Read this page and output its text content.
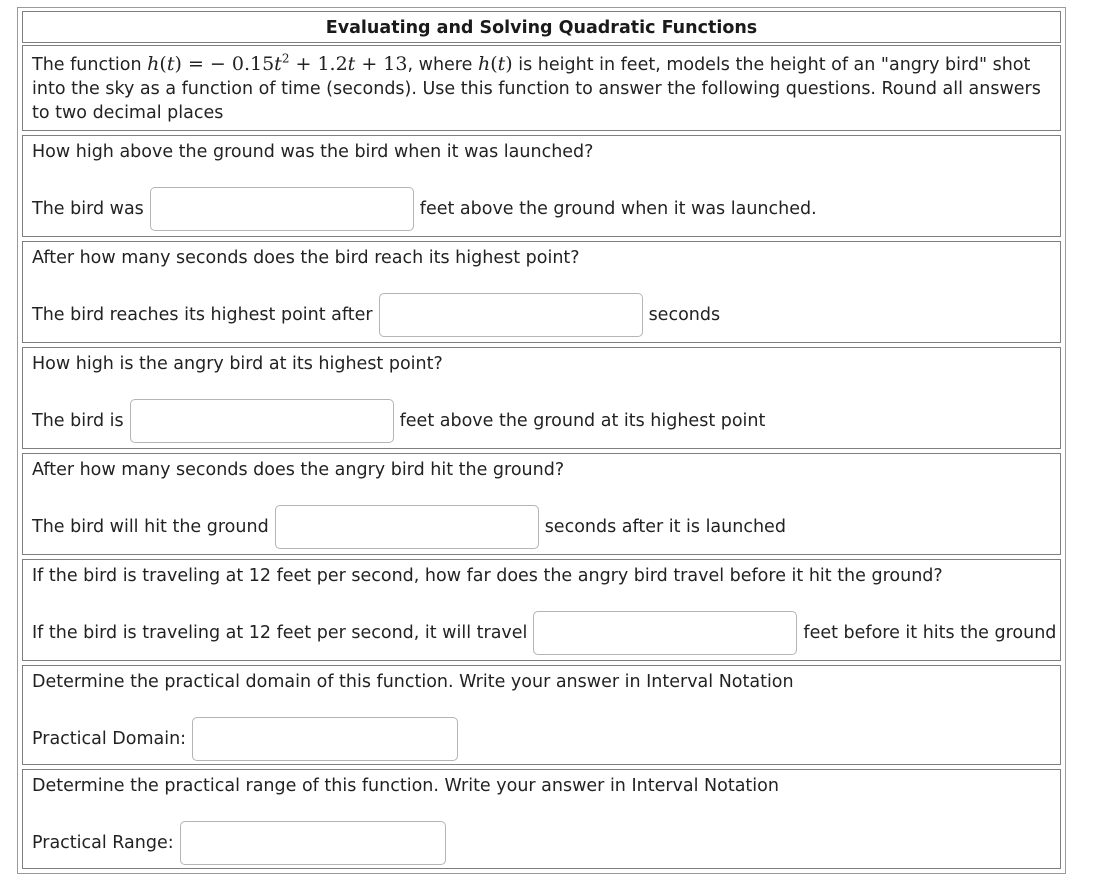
Evaluating and Solving Quadratic Functions
The function h(t) = − $0.15t^2 + 1.2t + 13$, where h(t) is height in feet, models the height of an "angry bird" shot into the sky as a function of time (seconds). Use this function to answer the following questions. Round all answers to two decimal places
How high above the ground was the bird when it was launched?
The bird was	feet above the ground when it was launched.
After how many seconds does the bird reach its highest point?
The bird reaches its highest point after	seconds
How high is the angry bird at its highest point?
The bird is	feet above the ground at its highest point
After how many seconds does the angry bird hit the ground?
The bird will hit the ground	seconds after it is launched
If the bird is traveling at 12 feet per second, how far does the angry bird travel before it hit the ground?
If the bird is traveling at 12 feet per second, it will travel	feet before it hits the ground
Determine the practical domain of this function. Write your answer in Interval Notation
Practical Domain:
Determine the practical range of this function. Write your answer in Interval Notation
Practical Range:
